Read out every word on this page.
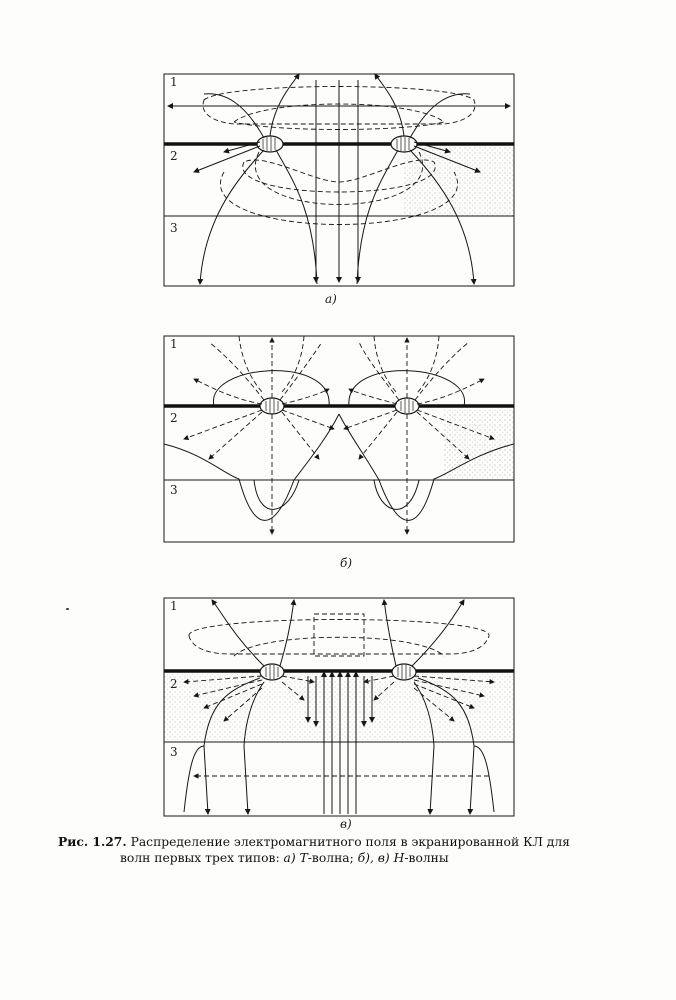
1
2
3
a)
1
2
3
б)
1
2
3
в)
Рис. 1.27. Распределение электромагнитного поля в экранированной КЛ для
волн первых трех типов: а) T-волна; б), в) H-волны
